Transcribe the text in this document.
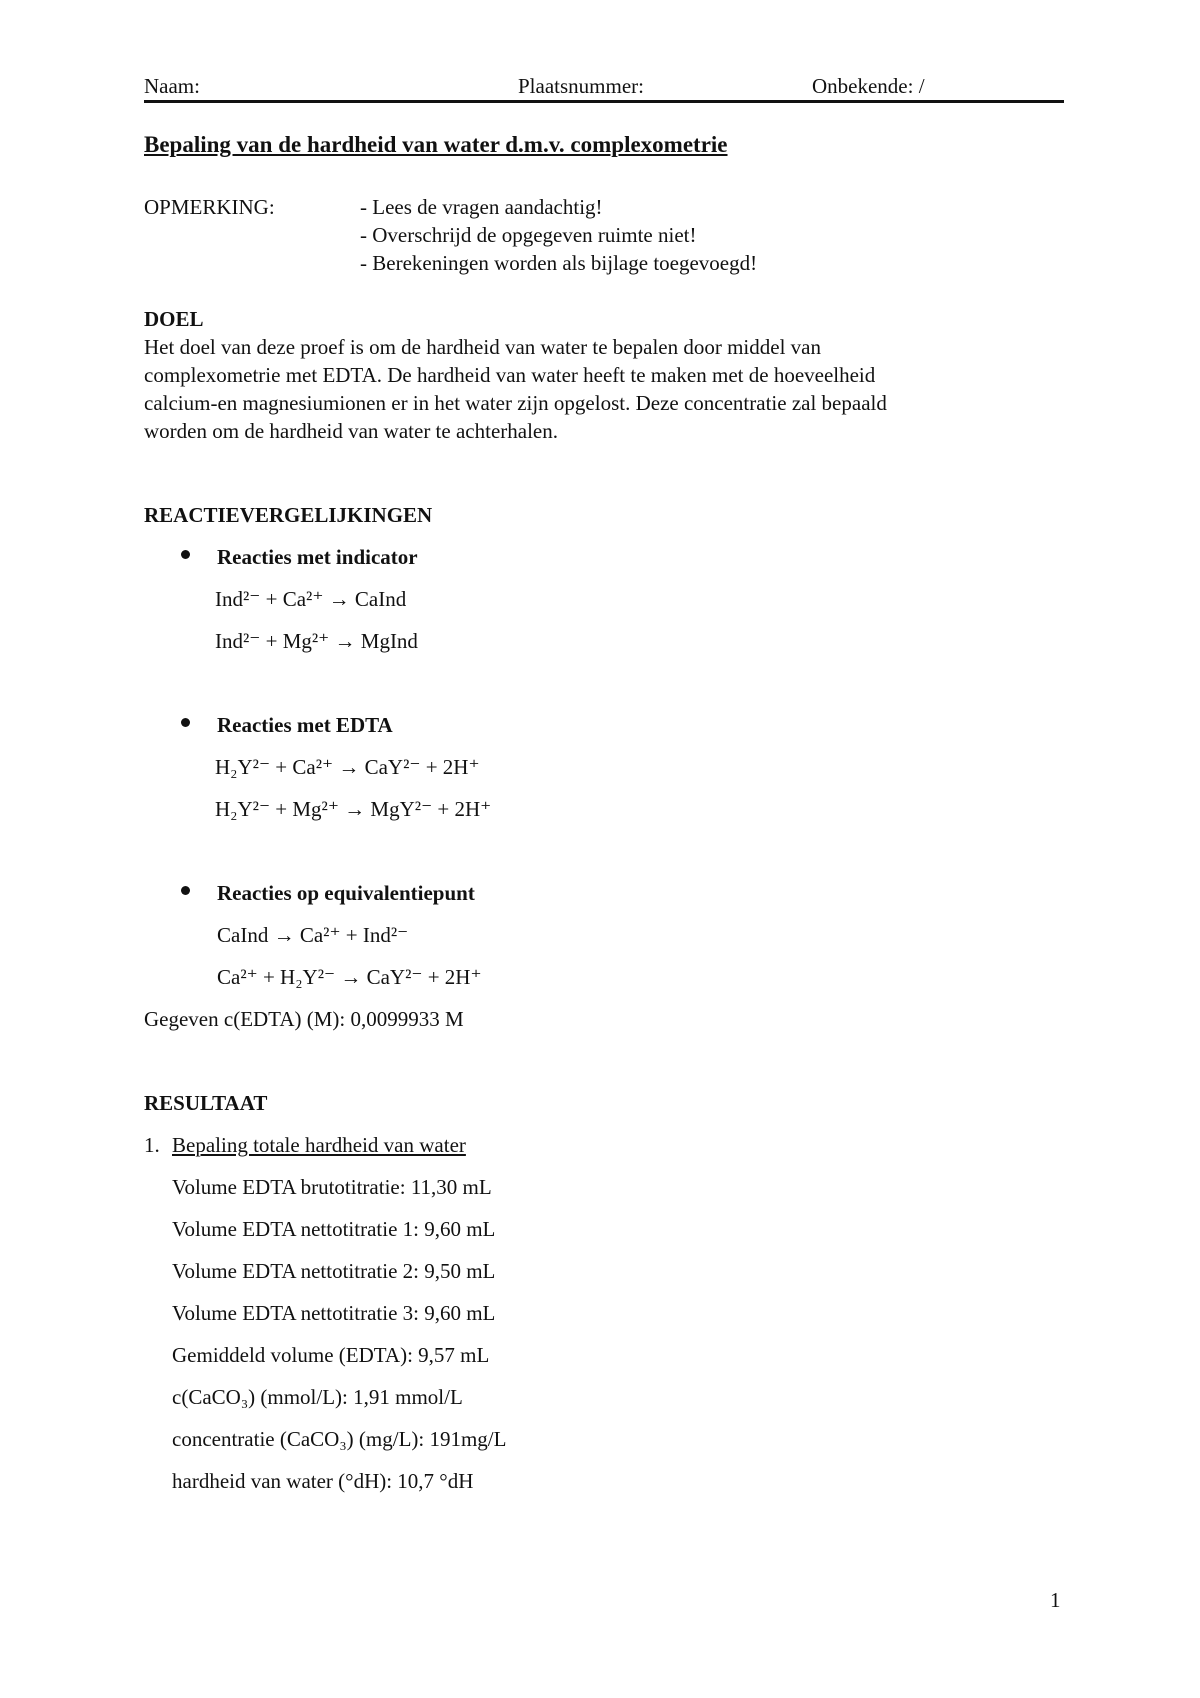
Naam:	Plaatsnummer:	Onbekende: /
Bepaling van de hardheid van water d.m.v. complexometrie
OPMERKING:	- Lees de vragen aandachtig!
- Overschrijd de opgegeven ruimte niet!
- Berekeningen worden als bijlage toegevoegd!
DOEL
Het doel van deze proef is om de hardheid van water te bepalen door middel van
complexometrie met EDTA. De hardheid van water heeft te maken met de hoeveelheid
calcium-en magnesiumionen er in het water zijn opgelost. Deze concentratie zal bepaald
worden om de hardheid van water te achterhalen.
REACTIEVERGELIJKINGEN
Reacties met indicator
Ind²⁻ + Ca²⁺ → CaInd
Ind²⁻ + Mg²⁺ → MgInd
Reacties met EDTA
H₂Y²⁻ + Ca²⁺ → CaY²⁻ + 2H⁺
H₂Y²⁻ + Mg²⁺ → MgY²⁻ + 2H⁺
Reacties op equivalentiepunt
CaInd → Ca²⁺ + Ind²⁻
Ca²⁺ + H₂Y²⁻ → CaY²⁻ + 2H⁺
Gegeven c(EDTA) (M): 0,0099933 M
RESULTAAT
1. Bepaling totale hardheid van water
Volume EDTA brutotitratie: 11,30 mL
Volume EDTA nettotitratie 1: 9,60 mL
Volume EDTA nettotitratie 2: 9,50 mL
Volume EDTA nettotitratie 3: 9,60 mL
Gemiddeld volume (EDTA): 9,57 mL
c(CaCO₃) (mmol/L): 1,91 mmol/L
concentratie (CaCO₃) (mg/L): 191mg/L
hardheid van water (°dH): 10,7 °dH
1
